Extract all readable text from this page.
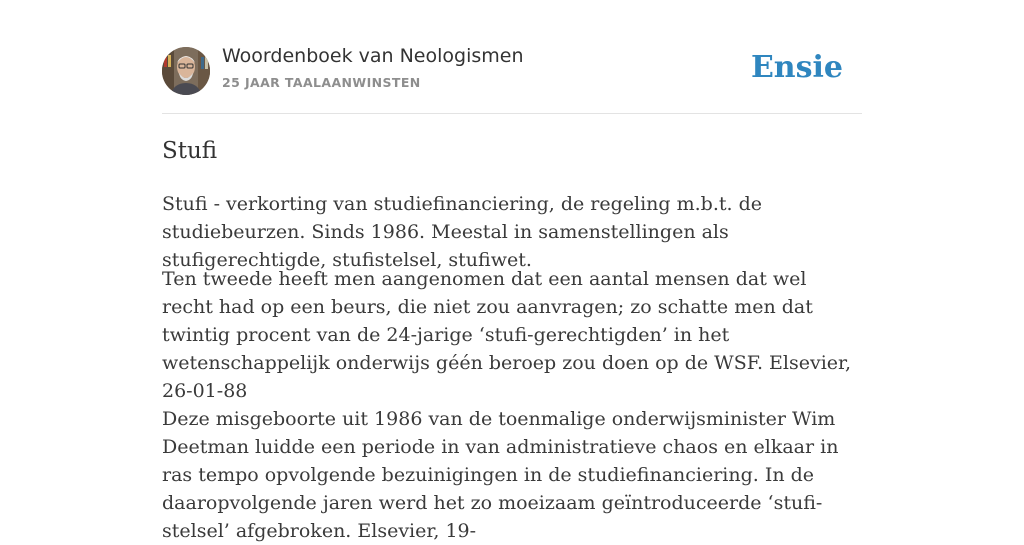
Woordenboek van Neologismen
25 JAAR TAALAANWINSTEN	Ensie
Stufi

Stufi - verkorting van studiefinanciering, de regeling m.b.t. de studiebeurzen. Sinds 1986. Meestal in samenstellingen als stufigerechtigde, stufistelsel, stufiwet.

Ten tweede heeft men aangenomen dat een aantal mensen dat wel recht had op een beurs, die niet zou aanvragen; zo schatte men dat twintig procent van de 24-jarige ‘stufi-gerechtigden’ in het wetenschappelijk onderwijs géén beroep zou doen op de WSF. Elsevier, 26-01-88

Deze misgeboorte uit 1986 van de toenmalige onderwijsminister Wim Deetman luidde een periode in van administratieve chaos en elkaar in ras tempo opvolgende bezuinigingen in de studiefinanciering. In de daaropvolgende jaren werd het zo moeizaam geïntroduceerde ‘stufi-stelsel’ afgebroken. Elsevier, 19-
